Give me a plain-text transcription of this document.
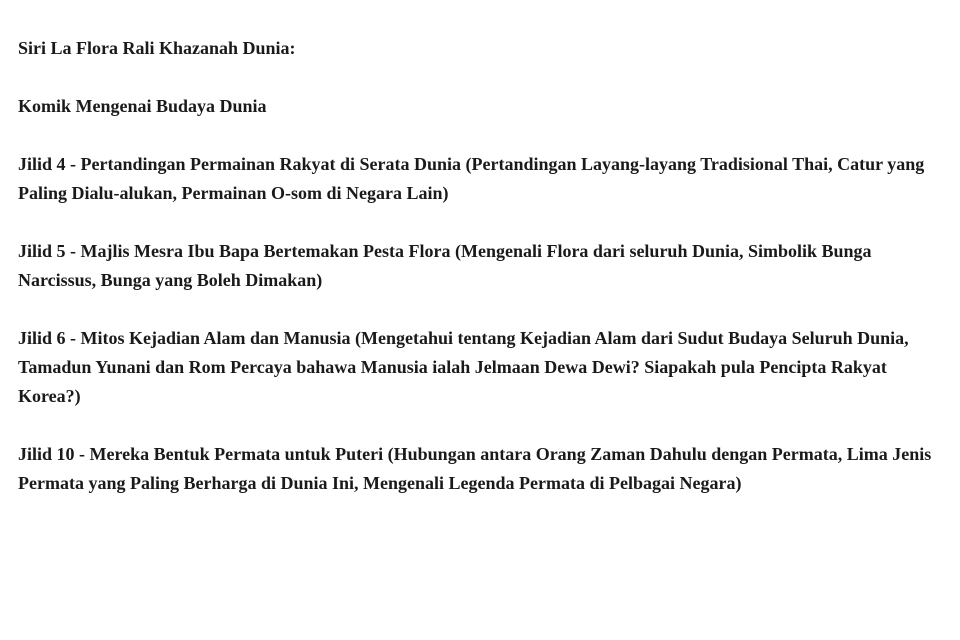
Siri La Flora Rali Khazanah Dunia:

Komik Mengenai Budaya Dunia

Jilid 4 - Pertandingan Permainan Rakyat di Serata Dunia (Pertandingan Layang-layang Tradisional Thai, Catur yang Paling Dialu-alukan, Permainan O-som di Negara Lain)

Jilid 5 - Majlis Mesra Ibu Bapa Bertemakan Pesta Flora (Mengenali Flora dari seluruh Dunia, Simbolik Bunga Narcissus, Bunga yang Boleh Dimakan)

Jilid 6 - Mitos Kejadian Alam dan Manusia (Mengetahui tentang Kejadian Alam dari Sudut Budaya Seluruh Dunia, Tamadun Yunani dan Rom Percaya bahawa Manusia ialah Jelmaan Dewa Dewi? Siapakah pula Pencipta Rakyat Korea?)

Jilid 10 - Mereka Bentuk Permata untuk Puteri (Hubungan antara Orang Zaman Dahulu dengan Permata, Lima Jenis Permata yang Paling Berharga di Dunia Ini, Mengenali Legenda Permata di Pelbagai Negara)
